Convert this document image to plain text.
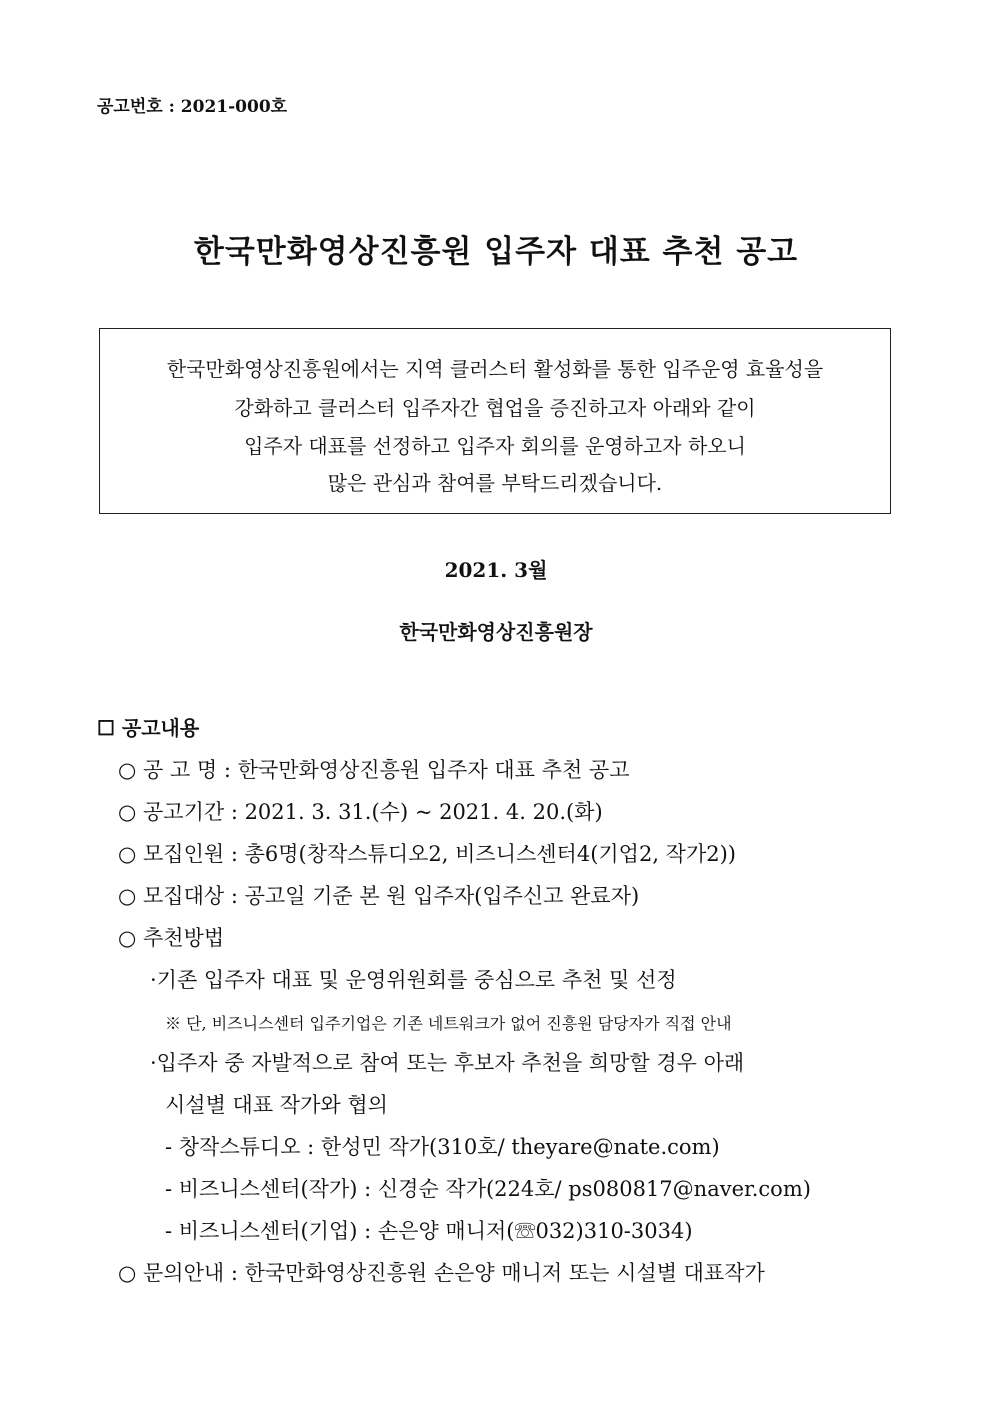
공고번호 : 2021-000호
한국만화영상진흥원 입주자 대표 추천 공고
한국만화영상진흥원에서는 지역 클러스터 활성화를 통한 입주운영 효율성을
강화하고 클러스터 입주자간 협업을 증진하고자 아래와 같이
입주자 대표를 선정하고 입주자 회의를 운영하고자 하오니
많은 관심과 참여를 부탁드리겠습니다.
2021. 3월
한국만화영상진흥원장
☐ 공고내용
○ 공 고 명 : 한국만화영상진흥원 입주자 대표 추천 공고
○ 공고기간 : 2021. 3. 31.(수) ~ 2021. 4. 20.(화)
○ 모집인원 : 총6명(창작스튜디오2, 비즈니스센터4(기업2, 작가2))
○ 모집대상 : 공고일 기준 본 원 입주자(입주신고 완료자)
○ 추천방법
·기존 입주자 대표 및 운영위원회를 중심으로 추천 및 선정
※ 단, 비즈니스센터 입주기업은 기존 네트워크가 없어 진흥원 담당자가 직접 안내
·입주자 중 자발적으로 참여 또는 후보자 추천을 희망할 경우 아래
시설별 대표 작가와 협의
- 창작스튜디오 : 한성민 작가(310호/ theyare@nate.com)
- 비즈니스센터(작가) : 신경순 작가(224호/ ps080817@naver.com)
- 비즈니스센터(기업) : 손은양 매니저(☏032)310-3034)
○ 문의안내 : 한국만화영상진흥원 손은양 매니저 또는 시설별 대표작가
